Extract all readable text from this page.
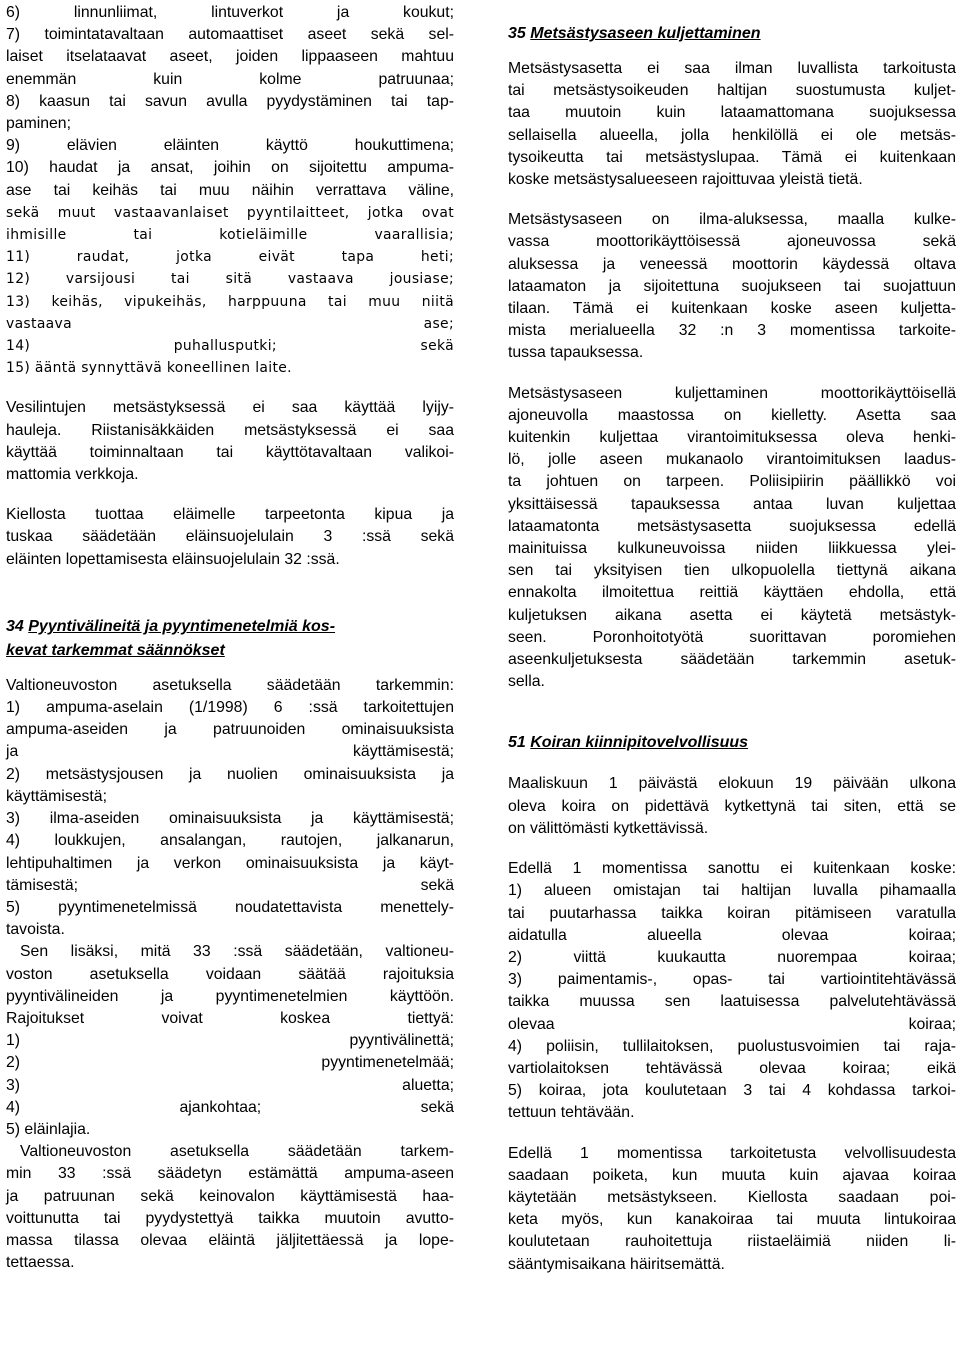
6) linnunliimat, lintuverkot ja koukut;
7) toimintatavaltaan automaattiset aseet sekä sel-
laiset itselataavat aseet, joiden lippaaseen mahtuu
enemmän kuin kolme patruunaa;
8) kaasun tai savun avulla pyydystäminen tai tap-
paminen;
9) elävien eläinten käyttö houkuttimena;
10) haudat ja ansat, joihin on sijoitettu ampuma-
ase tai keihäs tai muu näihin verrattava väline,
sekä muut vastaavanlaiset pyyntilaitteet, jotka ovat
ihmisille tai kotieläimille vaarallisia;
11) raudat, jotka eivät tapa heti;
12) varsijousi tai sitä vastaava jousiase;
13) keihäs, vipukeihäs, harppuuna tai muu niitä
vastaava ase;
14) puhallusputki; sekä
15) ääntä synnyttävä koneellinen laite.
Vesilintujen metsästyksessä ei saa käyttää lyijy-
hauleja. Riistanisäkkäiden metsästyksessä ei saa
käyttää toiminnaltaan tai käyttötavaltaan valikoi-
mattomia verkkoja.
Kiellosta tuottaa eläimelle tarpeetonta kipua ja
tuskaa säädetään eläinsuojelulain 3 :ssä sekä
eläinten lopettamisesta eläinsuojelulain 32 :ssä.
34 Pyyntivälineitä ja pyyntimenetelmiä kos-
kevat tarkemmat säännökset
Valtioneuvoston asetuksella säädetään tarkemmin:
1) ampuma-aselain (1/1998) 6 :ssä tarkoitettujen
ampuma-aseiden ja patruunoiden ominaisuuksista
ja käyttämisestä;
2) metsästysjousen ja nuolien ominaisuuksista ja
käyttämisestä;
3) ilma-aseiden ominaisuuksista ja käyttämisestä;
4) loukkujen, ansalangan, rautojen, jalkanarun,
lehtipuhaltimen ja verkon ominaisuuksista ja käyt-
tämisestä; sekä
5) pyyntimenetelmissä noudatettavista menettely-
tavoista.
Sen lisäksi, mitä 33 :ssä säädetään, valtioneu-
voston asetuksella voidaan säätää rajoituksia
pyyntivälineiden ja pyyntimenetelmien käyttöön.
Rajoitukset voivat koskea tiettyä:
1) pyyntivälinettä;
2) pyyntimenetelmää;
3) aluetta;
4) ajankohtaa; sekä
5) eläinlajia.
Valtioneuvoston asetuksella säädetään tarkem-
min 33 :ssä säädetyn estämättä ampuma-aseen
ja patruunan sekä keinovalon käyttämisestä haa-
voittunutta tai pyydystettyä taikka muutoin avutto-
massa tilassa olevaa eläintä jäljitettäessä ja lope-
tettaessa.
35 Metsästysaseen kuljettaminen
Metsästysasetta ei saa ilman luvallista tarkoitusta
tai metsästysoikeuden haltijan suostumusta kuljet-
taa muutoin kuin lataamattomana suojuksessa
sellaisella alueella, jolla henkilöllä ei ole metsäs-
tysoikeutta tai metsästyslupaa. Tämä ei kuitenkaan
koske metsästysalueeseen rajoittuvaa yleistä tietä.
Metsästysaseen on ilma-aluksessa, maalla kulke-
vassa moottorikäyttöisessä ajoneuvossa sekä
aluksessa ja veneessä moottorin käydessä oltava
lataamaton ja sijoitettuna suojukseen tai suojattuun
tilaan. Tämä ei kuitenkaan koske aseen kuljetta-
mista merialueella 32 :n 3 momentissa tarkoite-
tussa tapauksessa.
Metsästysaseen kuljettaminen moottorikäyttöisellä
ajoneuvolla maastossa on kielletty. Asetta saa
kuitenkin kuljettaa virantoimituksessa oleva henki-
lö, jolle aseen mukanaolo virantoimituksen laadus-
ta johtuen on tarpeen. Poliisipiirin päällikkö voi
yksittäisessä tapauksessa antaa luvan kuljettaa
lataamatonta metsästysasetta suojuksessa edellä
mainituissa kulkuneuvoissa niiden liikkuessa ylei-
sen tai yksityisen tien ulkopuolella tiettynä aikana
ennakolta ilmoitettua reittiä käyttäen ehdolla, että
kuljetuksen aikana asetta ei käytetä metsästyk-
seen. Poronhoitotyötä suorittavan poromiehen
aseenkuljetuksesta säädetään tarkemmin asetuk-
sella.
51 Koiran kiinnipitovelvollisuus
Maaliskuun 1 päivästä elokuun 19 päivään ulkona
oleva koira on pidettävä kytkettynä tai siten, että se
on välittömästi kytkettävissä.
Edellä 1 momentissa sanottu ei kuitenkaan koske:
1) alueen omistajan tai haltijan luvalla pihamaalla
tai puutarhassa taikka koiran pitämiseen varatulla
aidatulla alueella olevaa koiraa;
2) viittä kuukautta nuorempaa koiraa;
3) paimentamis-, opas- tai vartiointitehtävässä
taikka muussa sen laatuisessa palvelutehtävässä
olevaa koiraa;
4) poliisin, tullilaitoksen, puolustusvoimien tai raja-
vartiolaitoksen tehtävässä olevaa koiraa; eikä
5) koiraa, jota koulutetaan 3 tai 4 kohdassa tarkoi-
tettuun tehtävään.
Edellä 1 momentissa tarkoitetusta velvollisuudesta
saadaan poiketa, kun muuta kuin ajavaa koiraa
käytetään metsästykseen. Kiellosta saadaan poi-
keta myös, kun kanakoiraa tai muuta lintukoiraa
koulutetaan rauhoitettuja riistaeläimiä niiden li-
sääntymisaikana häiritsemättä.
